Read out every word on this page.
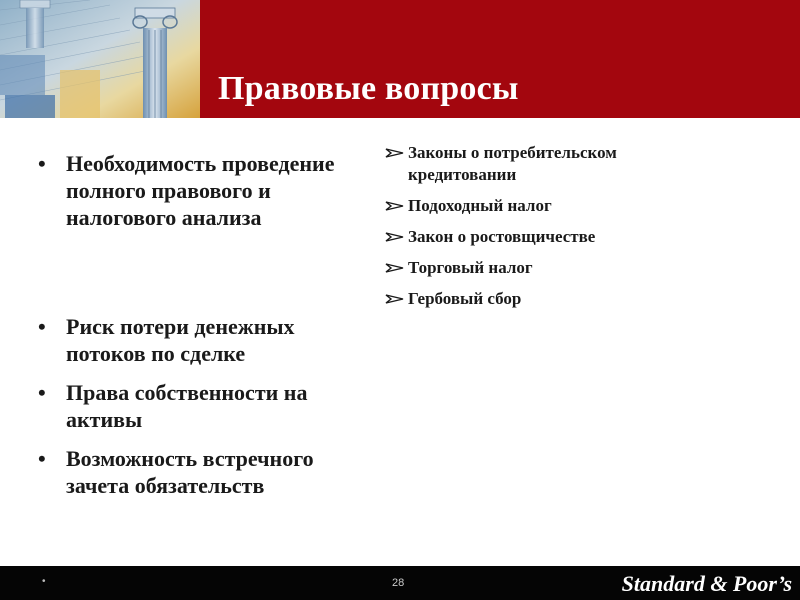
Правовые вопросы
• Необходимость проведение полного правового и налогового анализа
• Риск потери денежных потоков по сделке
• Права собственности на активы
• Возможность встречного зачета обязательств
Законы о потребительском кредитовании
Подоходный налог
Закон о ростовщичестве
Торговый налог
Гербовый сбор
•	28	Standard & Poor’s
